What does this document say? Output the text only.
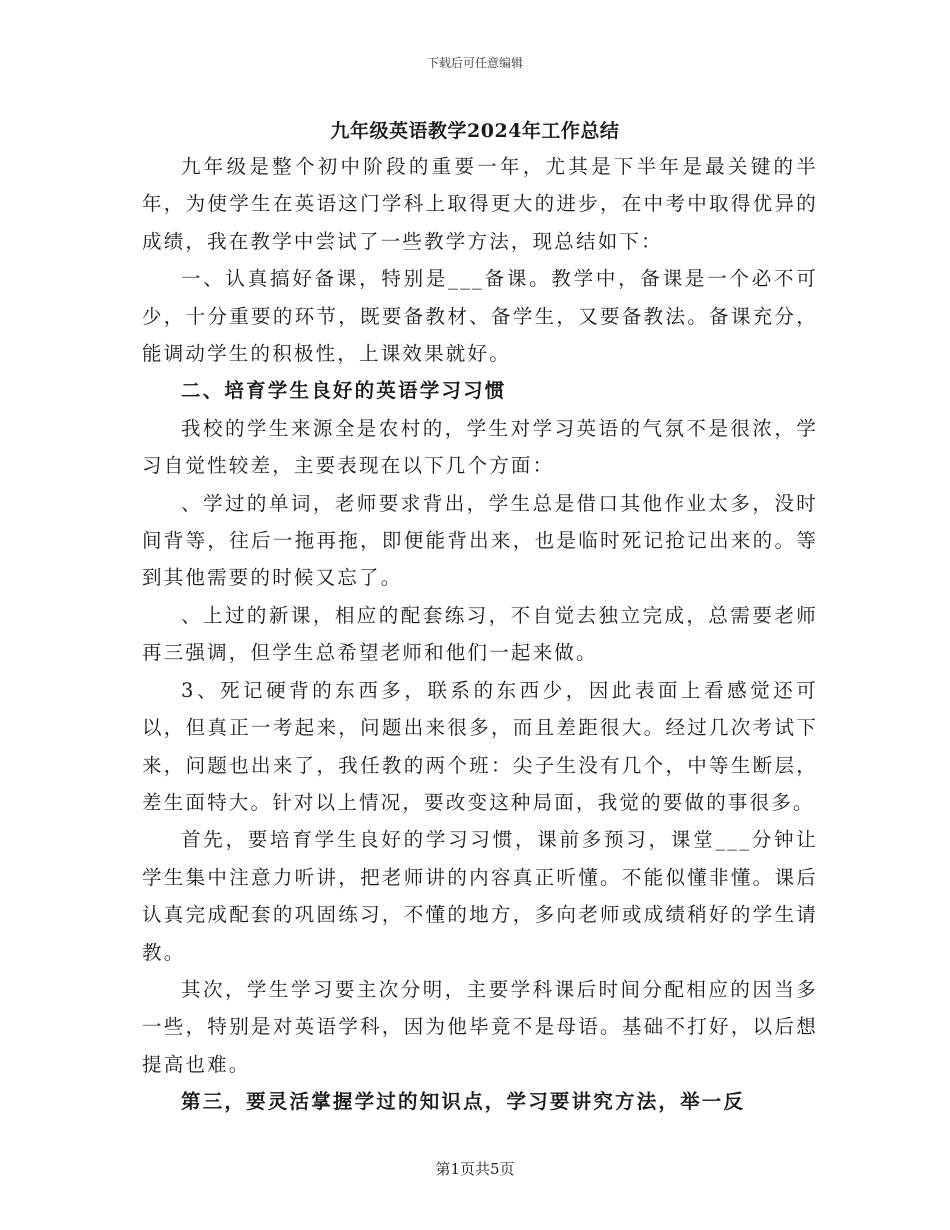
下载后可任意编辑
九年级英语教学2024年工作总结

九年级是整个初中阶段的重要一年，尤其是下半年是最关键的半年，为使学生在英语这门学科上取得更大的进步，在中考中取得优异的成绩，我在教学中尝试了一些教学方法，现总结如下：

一、认真搞好备课，特别是___备课。教学中，备课是一个必不可少，十分重要的环节，既要备教材、备学生，又要备教法。备课充分，能调动学生的积极性，上课效果就好。

二、培育学生良好的英语学习习惯

我校的学生来源全是农村的，学生对学习英语的气氛不是很浓，学习自觉性较差，主要表现在以下几个方面：

、学过的单词，老师要求背出，学生总是借口其他作业太多，没时间背等，往后一拖再拖，即便能背出来，也是临时死记抢记出来的。等到其他需要的时候又忘了。

、上过的新课，相应的配套练习，不自觉去独立完成，总需要老师再三强调，但学生总希望老师和他们一起来做。

3、死记硬背的东西多，联系的东西少，因此表面上看感觉还可以，但真正一考起来，问题出来很多，而且差距很大。经过几次考试下来，问题也出来了，我任教的两个班：尖子生没有几个，中等生断层，差生面特大。针对以上情况，要改变这种局面，我觉的要做的事很多。

首先，要培育学生良好的学习习惯，课前多预习，课堂___分钟让学生集中注意力听讲，把老师讲的内容真正听懂。不能似懂非懂。课后认真完成配套的巩固练习，不懂的地方，多向老师或成绩稍好的学生请教。

其次，学生学习要主次分明，主要学科课后时间分配相应的因当多一些，特别是对英语学科，因为他毕竟不是母语。基础不打好，以后想提高也难。

第三，要灵活掌握学过的知识点，学习要讲究方法，举一反

第1页共5页
